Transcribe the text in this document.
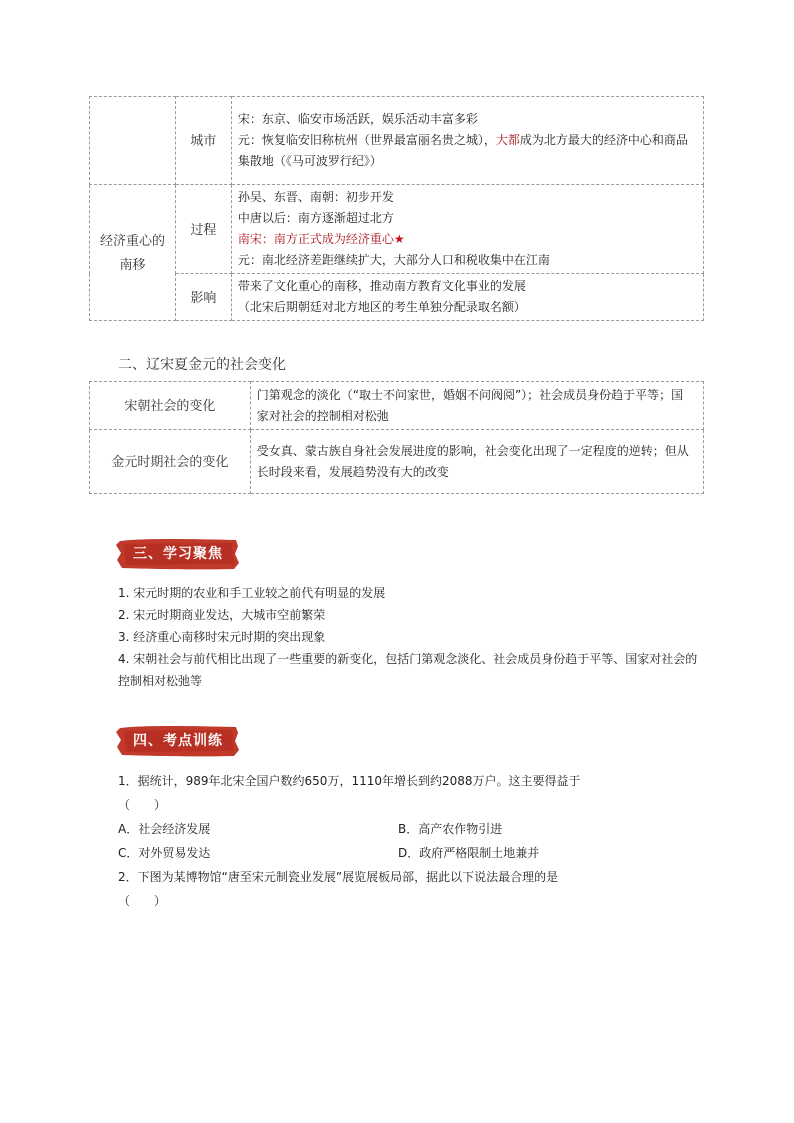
	城市	宋：东京、临安市场活跃，娱乐活动丰富多彩
元：恢复临安旧称杭州（世界最富丽名贵之城），大都成为北方最大的经济中心和商品集散地（《马可波罗行纪》）

经济重心的南移	过程	孙吴、东晋、南朝：初步开发
中唐以后：南方逐渐超过北方
南宋：南方正式成为经济重心★
元：南北经济差距继续扩大，大部分人口和税收集中在江南

	影响	带来了文化重心的南移，推动南方教育文化事业的发展
（北宋后期朝廷对北方地区的考生单独分配录取名额）
二、辽宋夏金元的社会变化
宋朝社会的变化	门第观念的淡化（“取士不问家世，婚姻不问阀阅”）；社会成员身份趋于平等；国家对社会的控制相对松弛
金元时期社会的变化	受女真、蒙古族自身社会发展进度的影响，社会变化出现了一定程度的逆转；但从长时段来看，发展趋势没有大的改变
三、学习聚焦

1. 宋元时期的农业和手工业较之前代有明显的发展

2. 宋元时期商业发达，大城市空前繁荣

3. 经济重心南移时宋元时期的突出现象

4. 宋朝社会与前代相比出现了一些重要的新变化，包括门第观念淡化、社会成员身份趋于平等、国家对社会的控制相对松弛等

四、考点训练

1．据统计，989年北宋全国户数约650万，1110年增长到约2088万户。这主要得益于

（　　）

A．社会经济发展	B．高产农作物引进
C．对外贸易发达	D．政府严格限制土地兼并

2．下图为某博物馆“唐至宋元制瓷业发展”展览展板局部，据此以下说法最合理的是

（　　）
